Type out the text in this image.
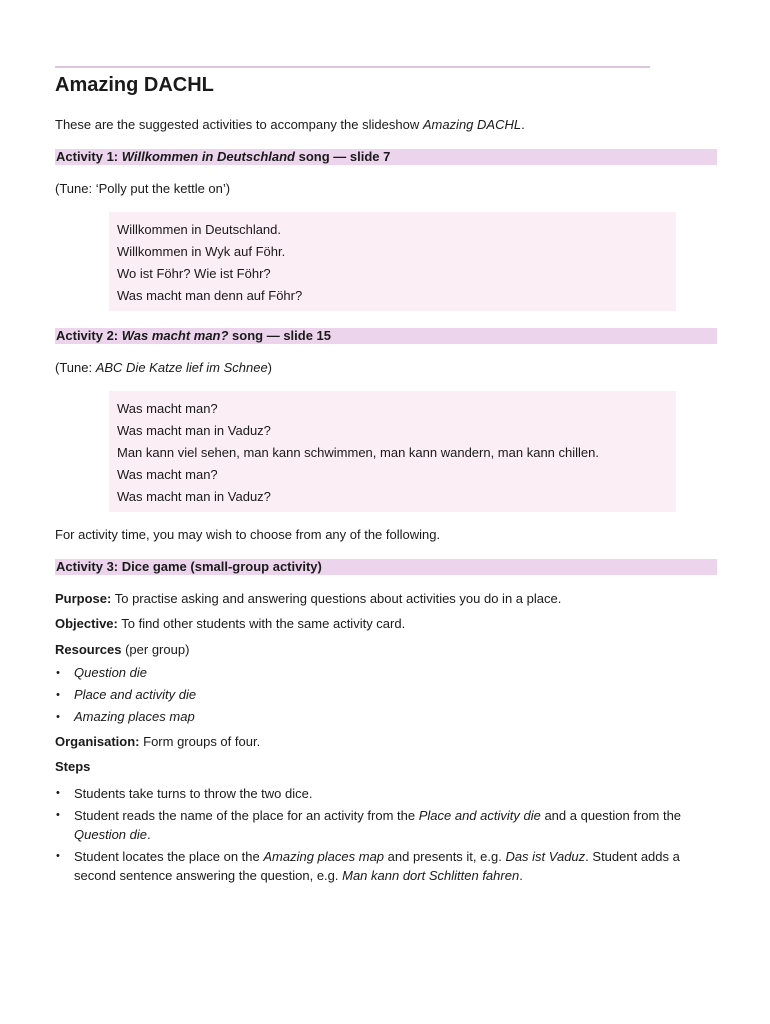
Amazing DACHL

These are the suggested activities to accompany the slideshow Amazing DACHL.

Activity 1: Willkommen in Deutschland song — slide 7

(Tune: ‘Polly put the kettle on’)

Willkommen in Deutschland.
Willkommen in Wyk auf Föhr.
Wo ist Föhr? Wie ist Föhr?
Was macht man denn auf Föhr?
Activity 2: Was macht man? song — slide 15

(Tune: ABC Die Katze lief im Schnee)

Was macht man?
Was macht man in Vaduz?
Man kann viel sehen, man kann schwimmen, man kann wandern, man kann chillen.
Was macht man?
Was macht man in Vaduz?

For activity time, you may wish to choose from any of the following.

Activity 3: Dice game (small-group activity)

Purpose: To practise asking and answering questions about activities you do in a place.

Objective: To find other students with the same activity card.

Resources (per group)

• Question die
• Place and activity die
• Amazing places map

Organisation: Form groups of four.

Steps

• Students take turns to throw the two dice.
• Student reads the name of the place for an activity from the Place and activity die and a question from the Question die.
• Student locates the place on the Amazing places map and presents it, e.g. Das ist Vaduz. Student adds a second sentence answering the question, e.g. Man kann dort Schlitten fahren.
